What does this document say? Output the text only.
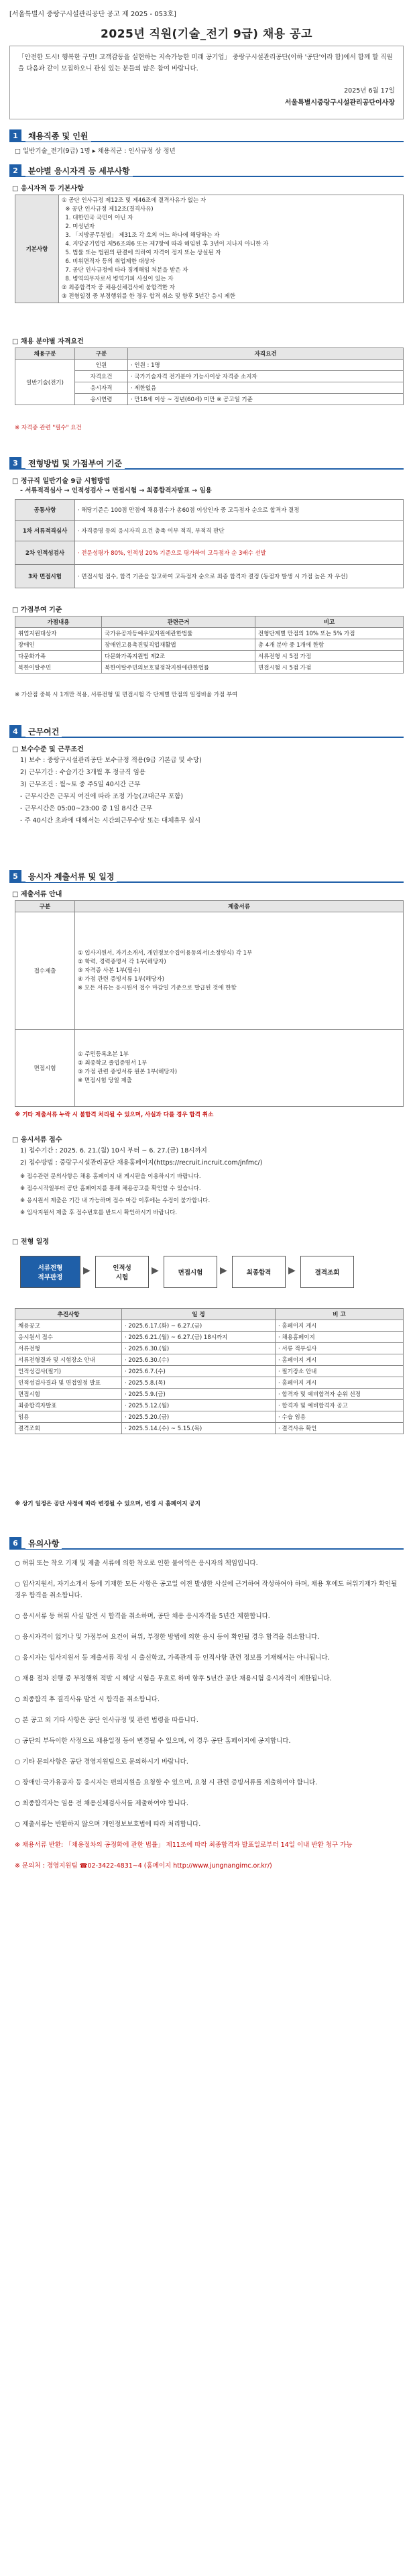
[서울특별시 중랑구시설관리공단 공고 제 2025 - 053호]
2025년 직원(기술_전기 9급) 채용 공고
「안전한 도시! 행복한 구민! 고객감동을 실현하는 지속가능한 미래 공기업」 중랑구시설관리공단(이하 '공단'이라 함)에서 함께 할 직원을 다음과 같이 모집하오니 관심 있는 분들의 많은 참여 바랍니다.
2025년 6월 17일
서울특별시중랑구시설관리공단이사장
1	채용직종 및 인원
□ 일반기술_전기(9급) 1명 ▸ 채용직군 : 인사규정 상 정년
2	분야별 응시자격 등 세부사항
□ 응시자격 등 기본사항
기본사항	
① 공단 인사규정 제12조 및 제46조에 결격사유가 없는 자
※ 공단 인사규정 제12조(결격사유)
1. 대한민국 국민이 아닌 자
2. 미성년자
3. 「지방공무원법」 제31조 각 호의 어느 하나에 해당하는 자
4. 지방공기업법 제56조의6 또는 제7항에 따라 해임된 후 3년이 지나지 아니한 자
5. 법률 또는 법원의 판결에 의하여 자격이 정지 또는 상실된 자
6. 비위면직자 등의 취업제한 대상자
7. 공단 인사규정에 따라 징계해임 처분을 받은 자
8. 병역의무자로서 병역기피 사실이 있는 자
② 최종합격자 중 채용신체검사에 불합격한 자
③ 전형일정 중 부정행위를 한 경우 합격 취소 및 향후 5년간 응시 제한
□ 채용 분야별 자격요건
채용구분	구분	자격요건
일반기술(전기)	인원	· 인원 : 1명
	자격요건	· 국가기술자격 전기분야 기능사이상 자격증 소지자
	응시자격	· 제한없음
	응시연령	· 만18세 이상 ~ 정년(60세) 미만 ※ 공고일 기준
※ 자격증 관련 "필수" 요건
3	전형방법 및 가점부여 기준
□ 정규직 일반기술 9급 시험방법
- 서류적격심사 → 인적성검사 → 면접시험 → 최종합격자발표 → 임용
공통사항	· 해당기준은 100점 만점에 채용점수가 총60점 이상인자 중 고득점자 순으로 합격자 결정
1차 서류적격심사	· 자격증명 등의 응시자격 요건 충족 여부 적격, 부적격 판단
2차 인적성검사	· 전문성평가 80%, 인적성 20% 기준으로 평가하여 고득점자 순 3배수 선발
3차 면접시험	· 면접시험 점수, 합격 기준을 참고하여 고득점자 순으로 최종 합격자 결정 (동점자 발생 시 가점 높은 자 우선)
□ 가점부여 기준
가점내용	관련근거	비고
취업지원대상자	국가유공자등예우및지원에관한법률	전형단계별 만점의 10% 또는 5% 가점
장애인	장애인고용촉진및직업재활법	총 4개 분야 중 1개에 한함
다문화가족	다문화가족지원법 제2조	서류전형 시 5점 가점
북한이탈주민	북한이탈주민의보호및정착지원에관한법률	면접시험 시 5점 가점
※ 가산점 중복 시 1개만 적용, 서류전형 및 면접시험 각 단계별 만점의 일정비율 가점 부여
4	근무여건
□ 보수수준 및 근무조건
1) 보수 : 중랑구시설관리공단 보수규정 적용(9급 기본급 및 수당)
2) 근무기간 : 수습기간 3개월 후 정규직 임용
3) 근무조건 : 월~토 중 주5일 40시간 근무
- 근무시간은 근무지 여건에 따라 조정 가능(교대근무 포함)
- 근무시간은 05:00~23:00 중 1일 8시간 근무
- 주 40시간 초과에 대해서는 시간외근무수당 또는 대체휴무 실시
5	응시자 제출서류 및 일정
□ 제출서류 안내
구분	제출서류
접수제출	① 입사지원서, 자기소개서, 개인정보수집이용동의서(소정양식) 각 1부
② 학력, 경력증명서 각 1부(해당자)
③ 자격증 사본 1부(필수)
④ 가점 관련 증빙서류 1부(해당자)
※ 모든 서류는 응시원서 접수 마감일 기준으로 발급된 것에 한함
면접시험	① 주민등록초본 1부
② 최종학교 졸업증명서 1부
③ 가점 관련 증빙서류 원본 1부(해당자)
※ 면접시험 당일 제출
※ 기타 제출서류 누락 시 불합격 처리될 수 있으며, 사실과 다를 경우 합격 취소
□ 응시서류 접수
1) 접수기간 : 2025. 6. 21.(월) 10시 부터 ~ 6. 27.(금) 18시까지
2) 접수방법 : 중랑구시설관리공단 채용홈페이지(https://recruit.incruit.com/jnfmc/)
※ 접수관련 문의사항은 채용 홈페이지 내 게시판을 이용하시기 바랍니다.
※ 접수시작일부터 공단 홈페이지를 통해 채용공고를 확인할 수 있습니다.
※ 응시원서 제출은 기간 내 가능하며 접수 마감 이후에는 수정이 불가합니다.
※ 입사지원서 제출 후 접수번호를 반드시 확인하시기 바랍니다.
□ 전형 일정
서류전형
적부판정
▶	인적성
시험
▶	면접시험	▶	최종합격	▶	결격조회
추진사항	일 정	비 고
채용공고	· 2025.6.17.(화) ~ 6.27.(금)	· 홈페이지 게시
응시원서 접수	· 2025.6.21.(월) ~ 6.27.(금) 18시까지	· 채용홈페이지
서류전형	· 2025.6.30.(월)	· 서류 적부심사
서류전형결과 및 시험장소 안내	· 2025.6.30.(수)	· 홈페이지 게시
인적성검사(필기)	· 2025.6.7.(수)	· 필기장소 안내
인적성검사결과 및 면접일정 발표	· 2025.5.8.(목)	· 홈페이지 게시
면접시험	· 2025.5.9.(금)	· 합격자 및 예비합격자 순위 선정
최종합격자발표	· 2025.5.12.(월)	· 합격자 및 예비합격자 공고
임용	· 2025.5.20.(금)	· 수습 임용
결격조회	· 2025.5.14.(수) ~ 5.15.(목)	· 결격사유 확인
※ 상기 일정은 공단 사정에 따라 변경될 수 있으며, 변경 시 홈페이지 공지
6	유의사항
○ 허위 또는 착오 기재 및 제출 서류에 의한 착오로 인한 불이익은 응시자의 책임입니다.
○ 입사지원서, 자기소개서 등에 기재한 모든 사항은 공고일 이전 발생한 사실에 근거하여 작성하여야 하며, 채용 후에도 허위기재가 확인될 경우 합격을 취소합니다.
○ 응시서류 등 허위 사실 발견 시 합격을 취소하며, 공단 채용 응시자격을 5년간 제한합니다.
○ 응시자격이 없거나 및 가점부여 요건이 허위, 부정한 방법에 의한 응시 등이 확인될 경우 합격을 취소합니다.
○ 응시자는 입사지원서 등 제출서류 작성 시 출신학교, 가족관계 등 인적사항 관련 정보를 기재해서는 아니됩니다.
○ 채용 절차 진행 중 부정행위 적발 시 해당 시험을 무효로 하며 향후 5년간 공단 채용시험 응시자격이 제한됩니다.
○ 최종합격 후 결격사유 발견 시 합격을 취소합니다.
○ 본 공고 외 기타 사항은 공단 인사규정 및 관련 법령을 따릅니다.
○ 공단의 부득이한 사정으로 채용일정 등이 변경될 수 있으며, 이 경우 공단 홈페이지에 공지합니다.
○ 기타 문의사항은 공단 경영지원팀으로 문의하시기 바랍니다.
○ 장애인·국가유공자 등 응시자는 편의지원을 요청할 수 있으며, 요청 시 관련 증빙서류를 제출하여야 합니다.
○ 최종합격자는 임용 전 채용신체검사서를 제출하여야 합니다.
○ 제출서류는 반환하지 않으며 개인정보보호법에 따라 처리합니다.
※ 채용서류 반환: 「채용절차의 공정화에 관한 법률」 제11조에 따라 최종합격자 발표일로부터 14일 이내 반환 청구 가능
※ 문의처 : 경영지원팀 ☎02-3422-4831~4 (홈페이지 http://www.jungnangimc.or.kr/)
